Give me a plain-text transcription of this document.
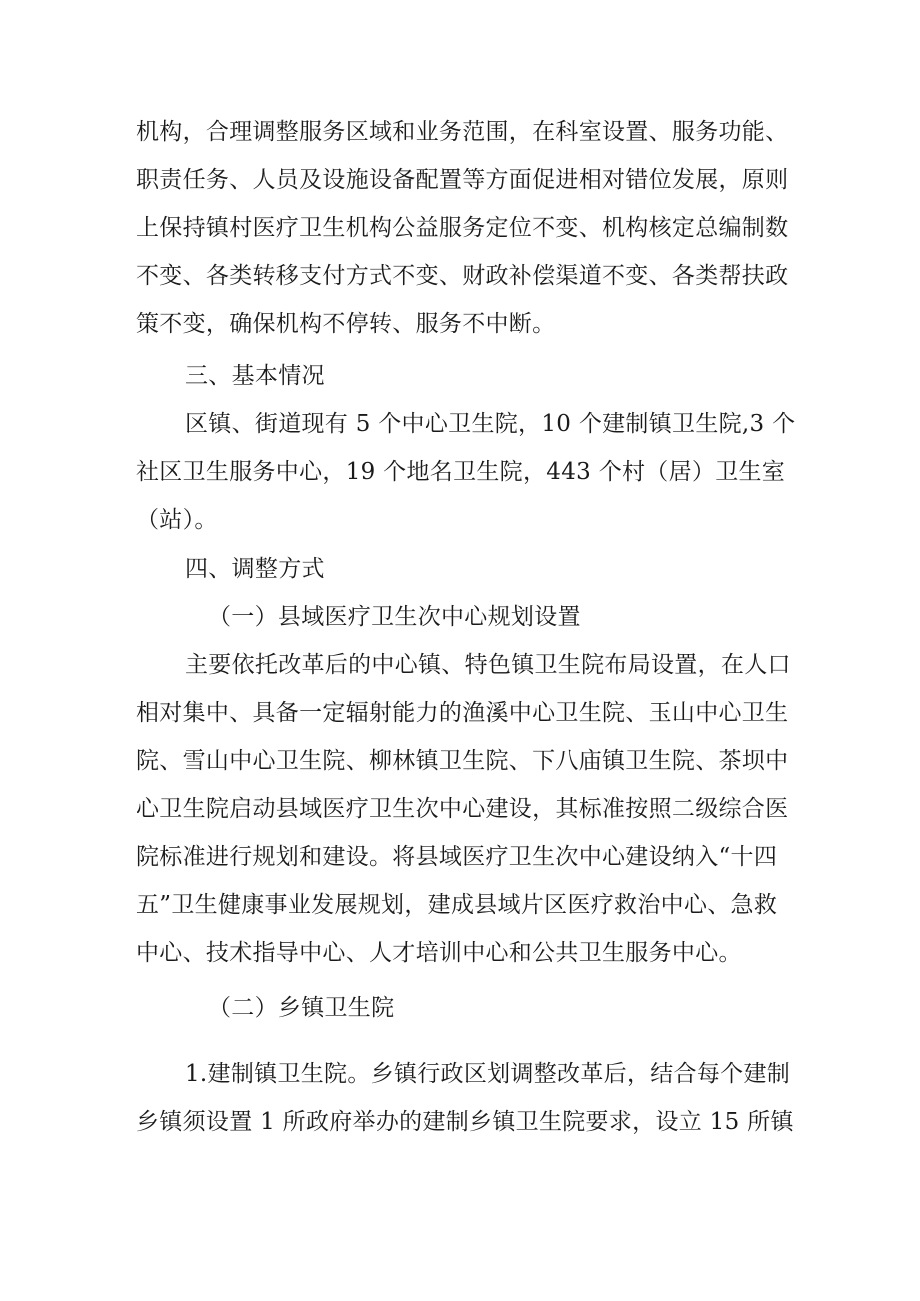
机构，合理调整服务区域和业务范围，在科室设置、服务功能、
职责任务、人员及设施设备配置等方面促进相对错位发展，原则
上保持镇村医疗卫生机构公益服务定位不变、机构核定总编制数
不变、各类转移支付方式不变、财政补偿渠道不变、各类帮扶政
策不变，确保机构不停转、服务不中断。
三、基本情况
区镇、街道现有 5 个中心卫生院，10 个建制镇卫生院,3 个
社区卫生服务中心，19 个地名卫生院，443 个村（居）卫生室
（站）。
四、调整方式
（一）县域医疗卫生次中心规划设置
主要依托改革后的中心镇、特色镇卫生院布局设置，在人口
相对集中、具备一定辐射能力的渔溪中心卫生院、玉山中心卫生
院、雪山中心卫生院、柳林镇卫生院、下八庙镇卫生院、茶坝中
心卫生院启动县域医疗卫生次中心建设，其标准按照二级综合医
院标准进行规划和建设。将县域医疗卫生次中心建设纳入“十四
五”卫生健康事业发展规划，建成县域片区医疗救治中心、急救
中心、技术指导中心、人才培训中心和公共卫生服务中心。
（二）乡镇卫生院
1.建制镇卫生院。乡镇行政区划调整改革后，结合每个建制
乡镇须设置 1 所政府举办的建制乡镇卫生院要求，设立 15 所镇
